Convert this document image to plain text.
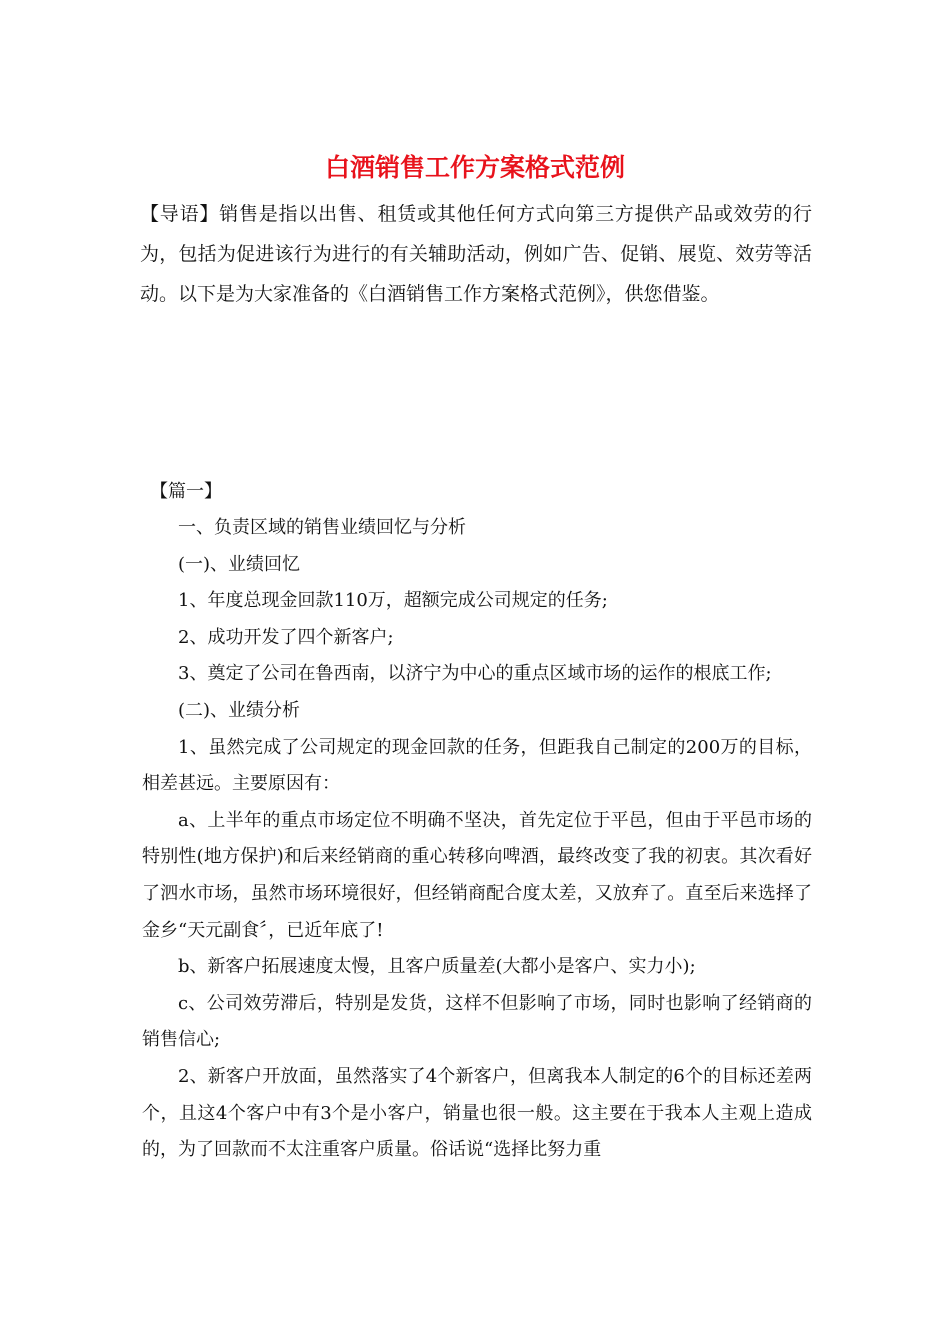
白酒销售工作方案格式范例
【导语】销售是指以出售、租赁或其他任何方式向第三方提供产品或效劳的行为，包括为促进该行为进行的有关辅助活动，例如广告、促销、展览、效劳等活动。以下是为大家准备的《白酒销售工作方案格式范例》，供您借鉴。
【篇一】

一、负责区域的销售业绩回忆与分析

(一)、业绩回忆

1、年度总现金回款110万，超额完成公司规定的任务;

2、成功开发了四个新客户;

3、奠定了公司在鲁西南，以济宁为中心的重点区域市场的运作的根底工作;

(二)、业绩分析

1、虽然完成了公司规定的现金回款的任务，但距我自己制定的200万的目标，相差甚远。主要原因有：

a、上半年的重点市场定位不明确不坚决，首先定位于平邑，但由于平邑市场的特别性(地方保护)和后来经销商的重心转移向啤酒，最终改变了我的初衷。其次看好了泗水市场，虽然市场环境很好，但经销商配合度太差，又放弃了。直至后来选择了金乡“天元副食〞，已近年底了!

b、新客户拓展速度太慢，且客户质量差(大都小是客户、实力小);

c、公司效劳滞后，特别是发货，这样不但影响了市场，同时也影响了经销商的销售信心;

2、新客户开放面，虽然落实了4个新客户，但离我本人制定的6个的目标还差两个，且这4个客户中有3个是小客户，销量也很一般。这主要在于我本人主观上造成的，为了回款而不太注重客户质量。俗话说“选择比努力重
